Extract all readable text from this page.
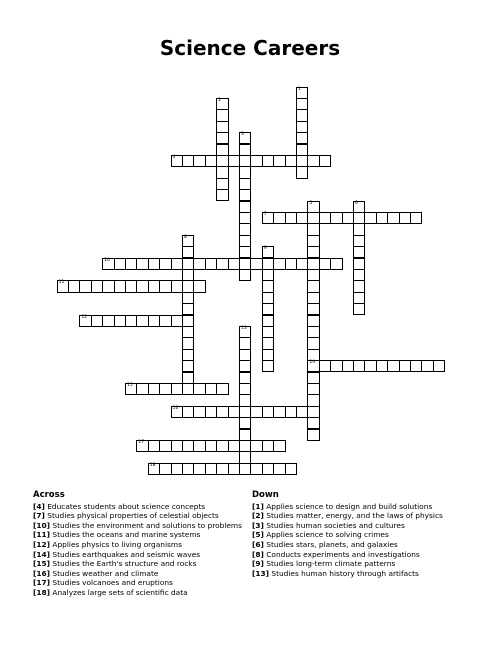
Science Careers
1
2
3
4
5
14
6
7
8
9
10
11
12
13
15
16
17
18
Across
[4] Educates students about science concepts
[7] Studies physical properties of celestial objects
[10] Studies the environment and solutions to problems
[11] Studies the oceans and marine systems
[12] Applies physics to living organisms
[14] Studies earthquakes and seismic waves
[15] Studies the Earth's structure and rocks
[16] Studies weather and climate
[17] Studies volcanoes and eruptions
[18] Analyzes large sets of scientific data
Down
[1] Applies science to design and build solutions
[2] Studies matter, energy, and the laws of physics
[3] Studies human societies and cultures
[5] Applies science to solving crimes
[6] Studies stars, planets, and galaxies
[8] Conducts experiments and investigations
[9] Studies long-term climate patterns
[13] Studies human history through artifacts
